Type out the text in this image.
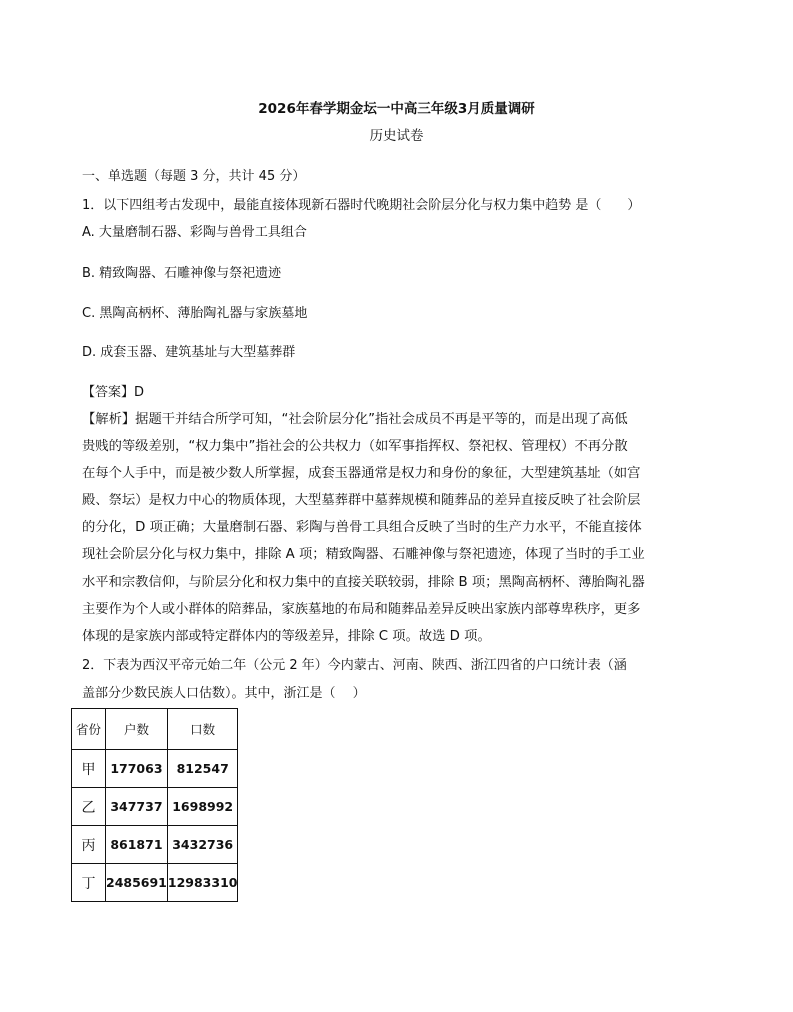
2026年春学期金坛一中高三年级3月质量调研
历史试卷
一、单选题（每题 3 分，共计 45 分）
1．以下四组考古发现中，最能直接体现新石器时代晚期社会阶层分化与权力集中趋势 是（　　）
A. 大量磨制石器、彩陶与兽骨工具组合
B. 精致陶器、石雕神像与祭祀遗迹
C. 黑陶高柄杯、薄胎陶礼器与家族墓地
D. 成套玉器、建筑基址与大型墓葬群
【答案】D
【解析】据题干并结合所学可知，“社会阶层分化”指社会成员不再是平等的，而是出现了高低
贵贱的等级差别，“权力集中”指社会的公共权力（如军事指挥权、祭祀权、管理权）不再分散
在每个人手中，而是被少数人所掌握，成套玉器通常是权力和身份的象征，大型建筑基址（如宫
殿、祭坛）是权力中心的物质体现，大型墓葬群中墓葬规模和随葬品的差异直接反映了社会阶层
的分化，D 项正确；大量磨制石器、彩陶与兽骨工具组合反映了当时的生产力水平，不能直接体
现社会阶层分化与权力集中，排除 A 项；精致陶器、石雕神像与祭祀遗迹，体现了当时的手工业
水平和宗教信仰，与阶层分化和权力集中的直接关联较弱，排除 B 项；黑陶高柄杯、薄胎陶礼器
主要作为个人或小群体的陪葬品，家族墓地的布局和随葬品差异反映出家族内部尊卑秩序，更多
体现的是家族内部或特定群体内的等级差异，排除 C 项。故选 D 项。
2．下表为西汉平帝元始二年（公元 2 年）今内蒙古、河南、陕西、浙江四省的户口统计表（涵
盖部分少数民族人口估数）。其中，浙江是（　 ）
省份	户数	口数
甲	177063	812547
乙	347737	1698992
丙	861871	3432736
丁	2485691	12983310
